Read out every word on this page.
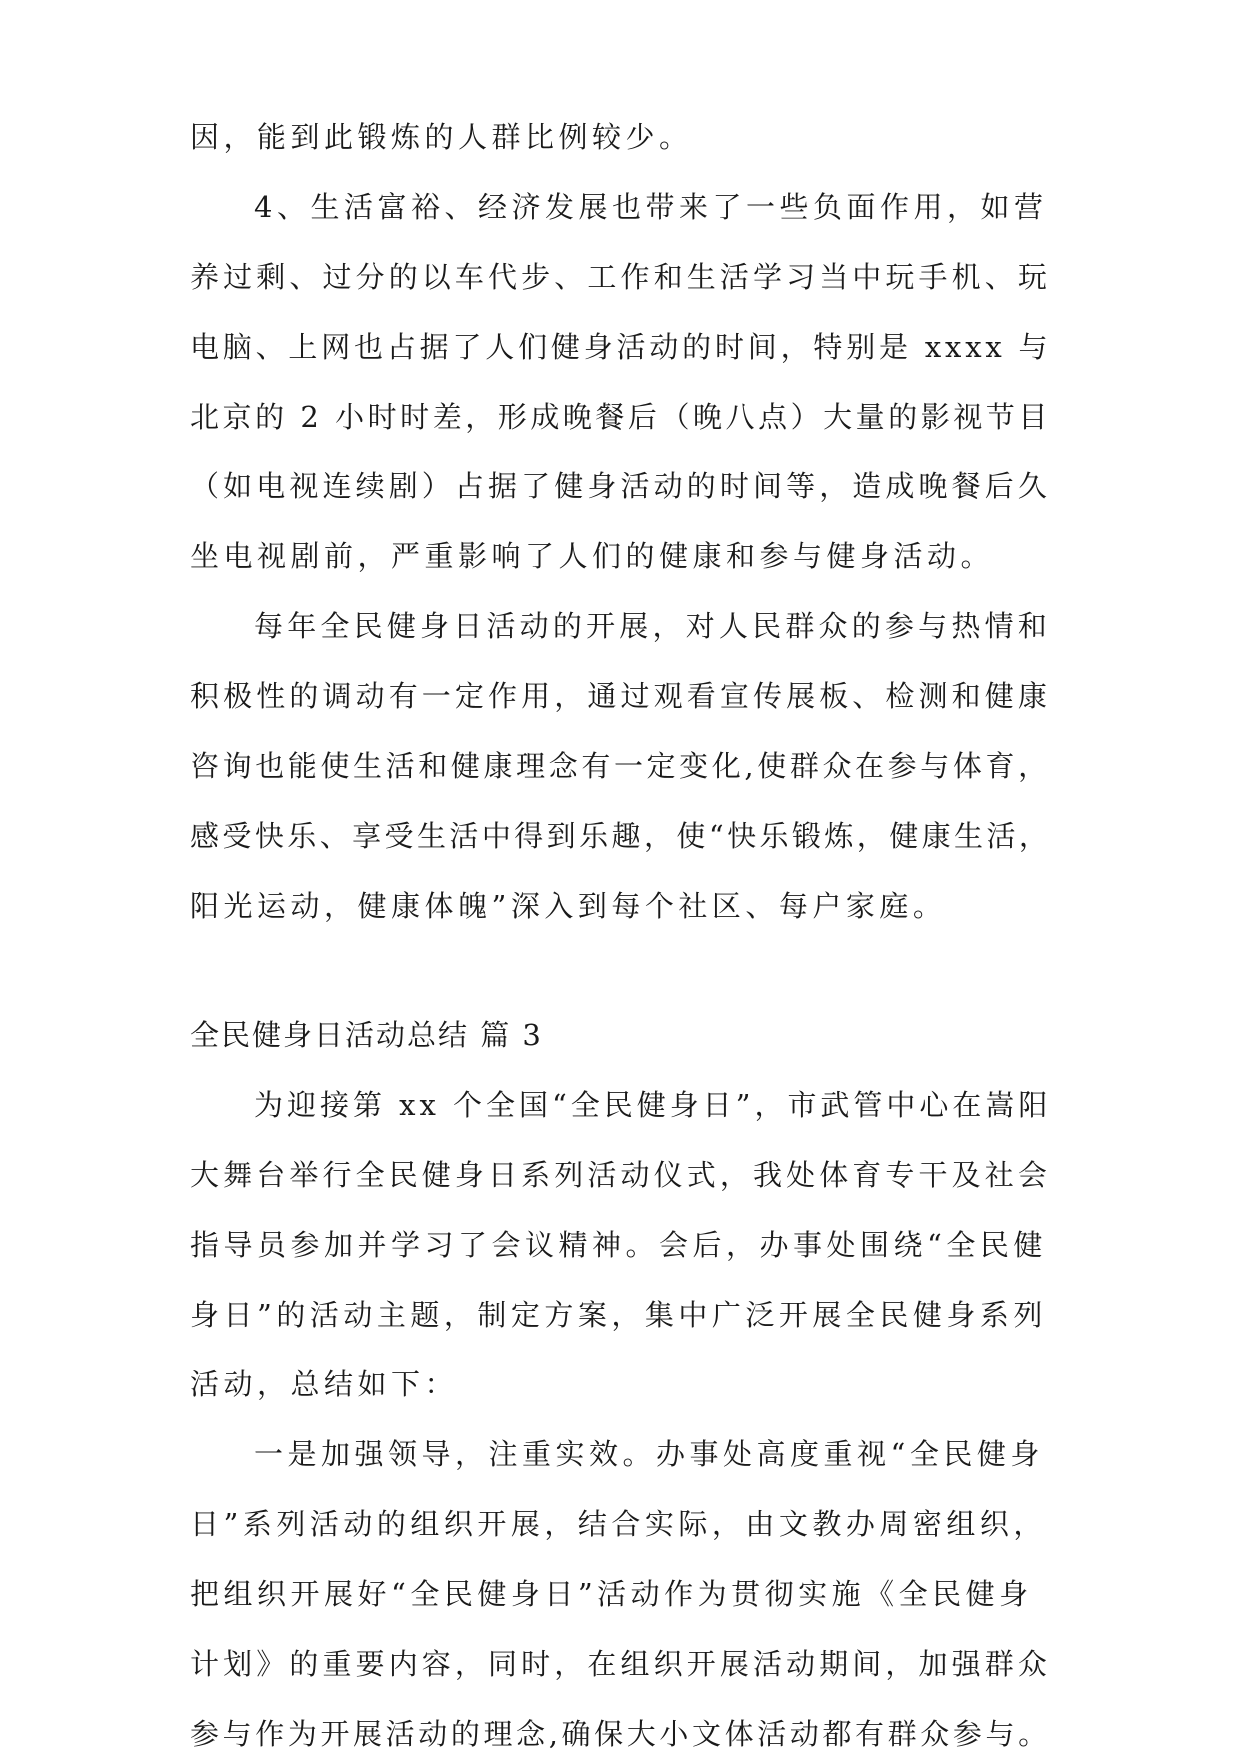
因，能到此锻炼的人群比例较少。
4、生活富裕、经济发展也带来了一些负面作用，如营
养过剩、过分的以车代步、工作和生活学习当中玩手机、玩
电脑、上网也占据了人们健身活动的时间，特别是 xxxx 与
北京的 2 小时时差，形成晚餐后（晚八点）大量的影视节目
（如电视连续剧）占据了健身活动的时间等，造成晚餐后久
坐电视剧前，严重影响了人们的健康和参与健身活动。
每年全民健身日活动的开展，对人民群众的参与热情和
积极性的调动有一定作用，通过观看宣传展板、检测和健康
咨询也能使生活和健康理念有一定变化,使群众在参与体育，
感受快乐、享受生活中得到乐趣，使“快乐锻炼，健康生活，
阳光运动，健康体魄”深入到每个社区、每户家庭。
全民健身日活动总结 篇 3
为迎接第 xx 个全国“全民健身日”，市武管中心在嵩阳
大舞台举行全民健身日系列活动仪式，我处体育专干及社会
指导员参加并学习了会议精神。会后，办事处围绕“全民健
身日”的活动主题，制定方案，集中广泛开展全民健身系列
活动，总结如下：
一是加强领导，注重实效。办事处高度重视“全民健身
日”系列活动的组织开展，结合实际，由文教办周密组织，
把组织开展好“全民健身日”活动作为贯彻实施《全民健身
计划》的重要内容，同时，在组织开展活动期间，加强群众
参与作为开展活动的理念,确保大小文体活动都有群众参与。
